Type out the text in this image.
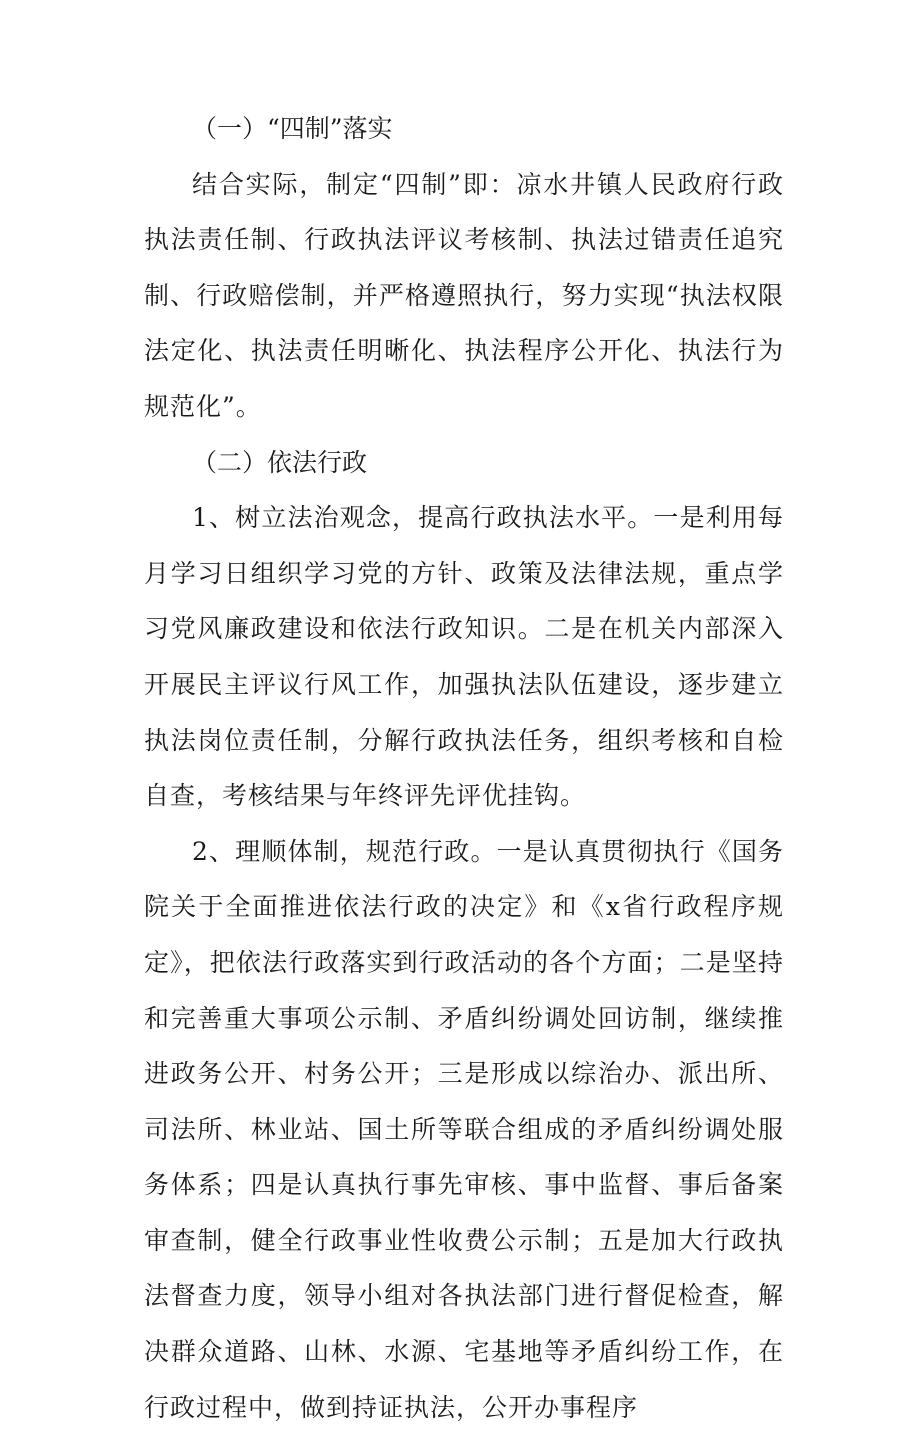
（一）“四制”落实

结合实际，制定“四制”即：凉水井镇人民政府行政执法责任制、行政执法评议考核制、执法过错责任追究制、行政赔偿制，并严格遵照执行，努力实现“执法权限法定化、执法责任明晰化、执法程序公开化、执法行为规范化”。

（二）依法行政

1、树立法治观念，提高行政执法水平。一是利用每月学习日组织学习党的方针、政策及法律法规，重点学习党风廉政建设和依法行政知识。二是在机关内部深入开展民主评议行风工作，加强执法队伍建设，逐步建立执法岗位责任制，分解行政执法任务，组织考核和自检自查，考核结果与年终评先评优挂钩。

2、理顺体制，规范行政。一是认真贯彻执行《国务院关于全面推进依法行政的决定》和《x省行政程序规定》，把依法行政落实到行政活动的各个方面；二是坚持和完善重大事项公示制、矛盾纠纷调处回访制，继续推进政务公开、村务公开；三是形成以综治办、派出所、司法所、林业站、国土所等联合组成的矛盾纠纷调处服务体系；四是认真执行事先审核、事中监督、事后备案审查制，健全行政事业性收费公示制；五是加大行政执法督查力度，领导小组对各执法部门进行督促检查，解决群众道路、山林、水源、宅基地等矛盾纠纷工作，在行政过程中，做到持证执法，公开办事程序
